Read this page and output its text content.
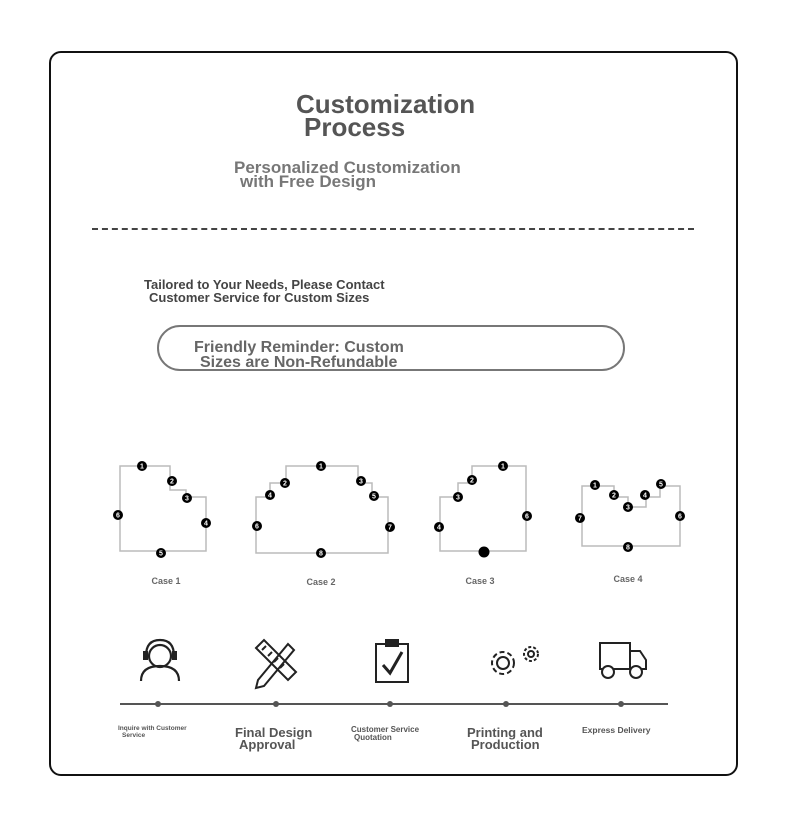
Customization
Process
Personalized Customization
with Free Design
Tailored to Your Needs, Please Contact
Customer Service for Custom Sizes
Friendly Reminder: Custom
Sizes are Non-Refundable
1
2
3
4
5
6
Case 1
1
2	3
4	5
6	7
8
Case 2
1
2
3
4
6
Case 3
1
2
3
4
5
6
7
8
Case 4
Inquire with Customer
Service	Final Design
Approval
Customer Service
Quotation	Printing and
Production
Express Delivery
